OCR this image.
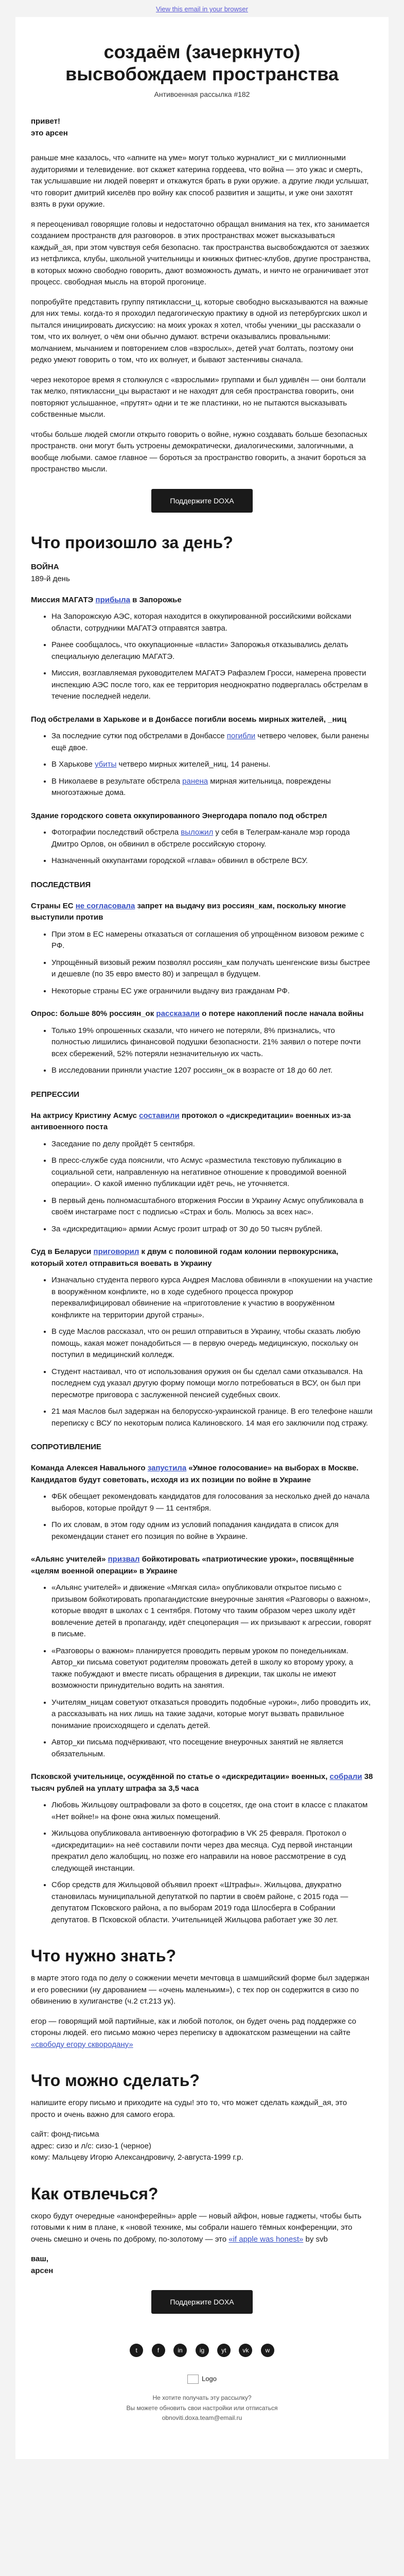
View this email in your browser
создаём (зачеркнуто) высвобождаем пространства
Антивоенная рассылка #182
привет!
это арсен

раньше мне казалось, что «апните на уме» могут только журналист_ки с миллионными аудиториями и телевидение. вот скажет катерина гордеева, что война — это ужас и смерть, так услышавшие ни людей поверят и откажутся брать в руки оружие. а другие люди услышат, что говорит дмитрий киселёв про войну как способ развития и защиты, и уже они захотят взять в руки оружие.

я переоценивал говорящие головы и недостаточно обращал внимания на тех, кто занимается созданием пространств для разговоров. в этих пространствах может высказываться каждый_ая, при этом чувствуя себя безопасно. так пространства высвобождаются от заезжих из нетфликса, клубы, школьной учительницы и книжных фитнес-клубов, другие пространства, в которых можно свободно говорить, дают возможность думать, и ничто не ограничивает этот процесс. свободная мысль на второй прогонице.

попробуйте представить группу пятиклассни_ц, которые свободно высказываются на важные для них темы. когда-то я проходил педагогическую практику в одной из петербургских школ и пытался инициировать дискуссию: на моих уроках я хотел, чтобы ученики_цы рассказали о том, что их волнует, о чём они обычно думают. встречи оказывались провальными: молчанием, мычанием и повторением слов «взрослых», детей учат болтать, поэтому они редко умеют говорить о том, что их волнует, и бывают застенчивы сначала.

через некоторое время я столкнулся с «взрослыми» группами и был удивлён — они болтали так мелко, пятиклассни_цы вырастают и не находят для себя пространства говорить, они повторяют услышанное, «прутят» одни и те же пластинки, но не пытаются высказывать собственные мысли.

чтобы больше людей смогли открыто говорить о войне, нужно создавать больше безопасных пространств. они могут быть устроены демократически, диалогическими, залогичными, а вообще любыми. самое главное — бороться за пространство говорить, а значит бороться за пространство мысли.

Поддержите DOXA
Что произошло за день?
ВОЙНА
189-й день
Миссия МАГАТЭ прибыла в Запорожье
• На Запорожскую АЭС, которая находится в оккупированной российскими войсками области, сотрудники МАГАТЭ отправятся завтра.
• Ранее сообщалось, что оккупационные «власти» Запорожья отказывались делать специальную делегацию МАГАТЭ.
• Миссия, возглавляемая руководителем МАГАТЭ Рафаэлем Гросси, намерена провести инспекцию АЭС после того, как ее территория неоднократно подвергалась обстрелам в течение последней недели.
Под обстрелами в Харькове и в Донбассе погибли восемь мирных жителей, _ниц
• За последние сутки под обстрелами в Донбассе погибли четверо человек, были ранены ещё двое.
• В Харькове убиты четверо мирных жителей_ниц, 14 ранены.
• В Николаеве в результате обстрела ранена мирная жительница, повреждены многоэтажные дома.
Здание городского совета оккупированного Энергодара попало под обстрел
• Фотографии последствий обстрела выложил у себя в Телеграм-канале мэр города Дмитро Орлов, он обвинил в обстреле российскую сторону.
• Назначенный оккупантами городской «глава» обвинил в обстреле ВСУ.
ПОСЛЕДСТВИЯ
Страны ЕС не согласовала запрет на выдачу виз россиян_кам, поскольку многие выступили против
• При этом в ЕС намерены отказаться от соглашения об упрощённом визовом режиме с РФ.
• Упрощённый визовый режим позволял россиян_кам получать шенгенские визы быстрее и дешевле (по 35 евро вместо 80) и запрещал в будущем.
• Некоторые страны ЕС уже ограничили выдачу виз гражданам РФ.
Опрос: больше 80% россиян_ок рассказали о потере накоплений после начала войны
• Только 19% опрошенных сказали, что ничего не потеряли, 8% признались, что полностью лишились финансовой подушки безопасности. 21% заявил о потере почти всех сбережений, 52% потеряли незначительную их часть.
• В исследовании приняли участие 1207 россиян_ок в возрасте от 18 до 60 лет.
РЕПРЕССИИ
На актрису Кристину Асмус составили протокол о «дискредитации» военных из-за антивоенного поста
• Заседание по делу пройдёт 5 сентября.
• В пресс-службе суда пояснили, что Асмус «разместила текстовую публикацию в социальной сети, направленную на негативное отношение к проводимой военной операции». О какой именно публикации идёт речь, не уточняется.
• В первый день полномасштабного вторжения России в Украину Асмус опубликовала в своём инстаграме пост с подписью «Страх и боль. Молюсь за всех нас».
• За «дискредитацию» армии Асмус грозит штраф от 30 до 50 тысяч рублей.
Суд в Беларуси приговорил к двум с половиной годам колонии первокурсника, который хотел отправиться воевать в Украину
• Изначально студента первого курса Андрея Маслова обвиняли в «покушении на участие в вооружённом конфликте, но в ходе судебного процесса прокурор переквалифицировал обвинение на «приготовление к участию в вооружённом конфликте на территории другой страны».
• В суде Маслов рассказал, что он решил отправиться в Украину, чтобы сказать любую помощь, какая может понадобиться — в первую очередь медицинскую, поскольку он поступил в медицинский колледж.
• Студент настаивал, что от использования оружия он бы сделал сами отказывался. На последнем суд указал другую форму помощи могло потребоваться в ВСУ, он был при пересмотре приговора с заслуженной пенсией судебных своих.
• 21 мая Маслов был задержан на белорусско-украинской границе. В его телефоне нашли переписку с ВСУ по некоторым полиса Калиновского. 14 мая его заключили под стражу.
СОПРОТИВЛЕНИЕ
Команда Алексея Навального запустила «Умное голосование» на выборах в Москве. Кандидатов будут советовать, исходя из их позиции по войне в Украине
• ФБК обещает рекомендовать кандидатов для голосования за несколько дней до начала выборов, которые пройдут 9 — 11 сентября.
• По их словам, в этом году одним из условий попадания кандидата в список для рекомендации станет его позиция по войне в Украине.
«Альянс учителей» призвал бойкотировать «патриотические уроки», посвящённые «целям военной операции» в Украине
• «Альянс учителей» и движение «Мягкая сила» опубликовали открытое письмо с призывом бойкотировать пропагандистские внеурочные занятия «Разговоры о важном», которые вводят в школах с 1 сентября. Потому что таким образом через школу идёт вовлечение детей в пропаганду, идёт спецоперация — их призывают к агрессии, говорят в письме.
• «Разговоры о важном» планируется проводить первым уроком по понедельникам. Автор_ки письма советуют родителям провожать детей в школу ко второму уроку, а также побуждают и вместе писать обращения в дирекции, так школы не имеют возможности принудительно водить на занятия.
• Учителям_ницам советуют отказаться проводить подобные «уроки», либо проводить их, а рассказывать на них лишь на такие задачи, которые могут вызвать правильное понимание происходящего и сделать детей.
• Автор_ки письма подчёркивают, что посещение внеурочных занятий не является обязательным.
Псковской учительнице, осуждённой по статье о «дискредитации» военных, собрали 38 тысяч рублей на уплату штрафа за 3,5 часа
• Любовь Жильцову оштрафовали за фото в соцсетях, где она стоит в классе с плакатом «Нет войне!» на фоне окна жилых помещений.
• Жильцова опубликовала антивоенную фотографию в VK 25 февраля. Протокол о «дискредитации» на неё составили почти через два месяца. Суд первой инстанции прекратил дело жалобщиц, но позже его направили на новое рассмотрение в суд следующей инстанции.
• Сбор средств для Жильцовой объявил проект «Штрафы». Жильцова, двукратно становилась муниципальной депутаткой по партии в своём районе, с 2015 года — депутатом Псковского района, а по выборам 2019 года Шлосберга в Собрании депутатов. В Псковской области. Учительницей Жильцова работает уже 30 лет.
Что нужно знать?

в марте этого года по делу о сожжении мечети мечтовца в шамшийский форме был задержан и его ровесники (ну дарованием — «очень маленьким»), с тех пор он содержится в сизо по обвинению в хулиганстве (ч.2 ст.213 ук).

егор — говорящий мой партийные, как и любой потолок, он будет очень рад поддержке со стороны людей. его письмо можно через переписку в адвокатском размещении на сайте «свободу егору сквородану»

Что можно сделать?

напишите егору письмо и приходите на суды! это то, что может сделать каждый_ая, это просто и очень важно для самого егора.

сайт: фонд-письма
адрес: сизо и л/с: сизо-1 (черное)
кому: Мальцеву Игорю Александровичу, 2-августа-1999 г.р.

Как отвлечься?

скоро будут очередные «анонферейны» apple — новый айфон, новые гаджеты, чтобы быть готовыми к ним в плане, к «новой технике, мы собрали нашего тёмных конференции, это очень смешно и очень по доброму, по-золотому — это «if apple was honest» by svb

ваш,
арсен
Поддержите DOXA
t	f	in	ig	yt	vk	w
Logo
Не хотите получать эту рассылку?
Вы можете обновить свои настройки или отписаться
obnoviti.doxa.team@email.ru
